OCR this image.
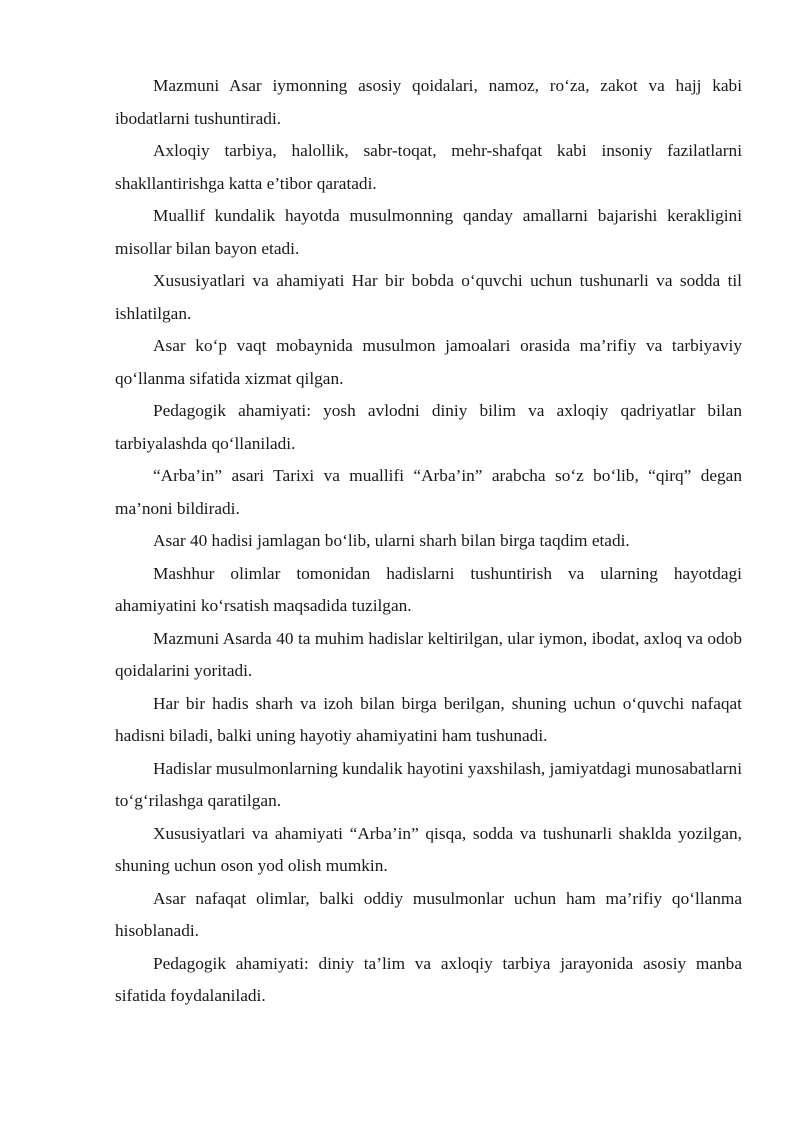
Mazmuni Asar iymonning asosiy qoidalari, namoz, ro‘za, zakot va hajj kabi ibodatlarni tushuntiradi.

Axloqiy tarbiya, halollik, sabr-toqat, mehr-shafqat kabi insoniy fazilatlarni shakllantirishga katta e’tibor qaratadi.

Muallif kundalik hayotda musulmonning qanday amallarni bajarishi kerakligini misollar bilan bayon etadi.

Xususiyatlari va ahamiyati Har bir bobda o‘quvchi uchun tushunarli va sodda til ishlatilgan.

Asar ko‘p vaqt mobaynida musulmon jamoalari orasida ma’rifiy va tarbiyaviy qo‘llanma sifatida xizmat qilgan.

Pedagogik ahamiyati: yosh avlodni diniy bilim va axloqiy qadriyatlar bilan tarbiyalashda qo‘llaniladi.

“Arba’in” asari Tarixi va muallifi “Arba’in” arabcha so‘z bo‘lib, “qirq” degan ma’noni bildiradi.

Asar 40 hadisi jamlagan bo‘lib, ularni sharh bilan birga taqdim etadi.

Mashhur olimlar tomonidan hadislarni tushuntirish va ularning hayotdagi ahamiyatini ko‘rsatish maqsadida tuzilgan.

Mazmuni Asarda 40 ta muhim hadislar keltirilgan, ular iymon, ibodat, axloq va odob qoidalarini yoritadi.

Har bir hadis sharh va izoh bilan birga berilgan, shuning uchun o‘quvchi nafaqat hadisni biladi, balki uning hayotiy ahamiyatini ham tushunadi.

Hadislar musulmonlarning kundalik hayotini yaxshilash, jamiyatdagi munosabatlarni to‘g‘rilashga qaratilgan.

Xususiyatlari va ahamiyati “Arba’in” qisqa, sodda va tushunarli shaklda yozilgan, shuning uchun oson yod olish mumkin.

Asar nafaqat olimlar, balki oddiy musulmonlar uchun ham ma’rifiy qo‘llanma hisoblanadi.

Pedagogik ahamiyati: diniy ta’lim va axloqiy tarbiya jarayonida asosiy manba sifatida foydalaniladi.
